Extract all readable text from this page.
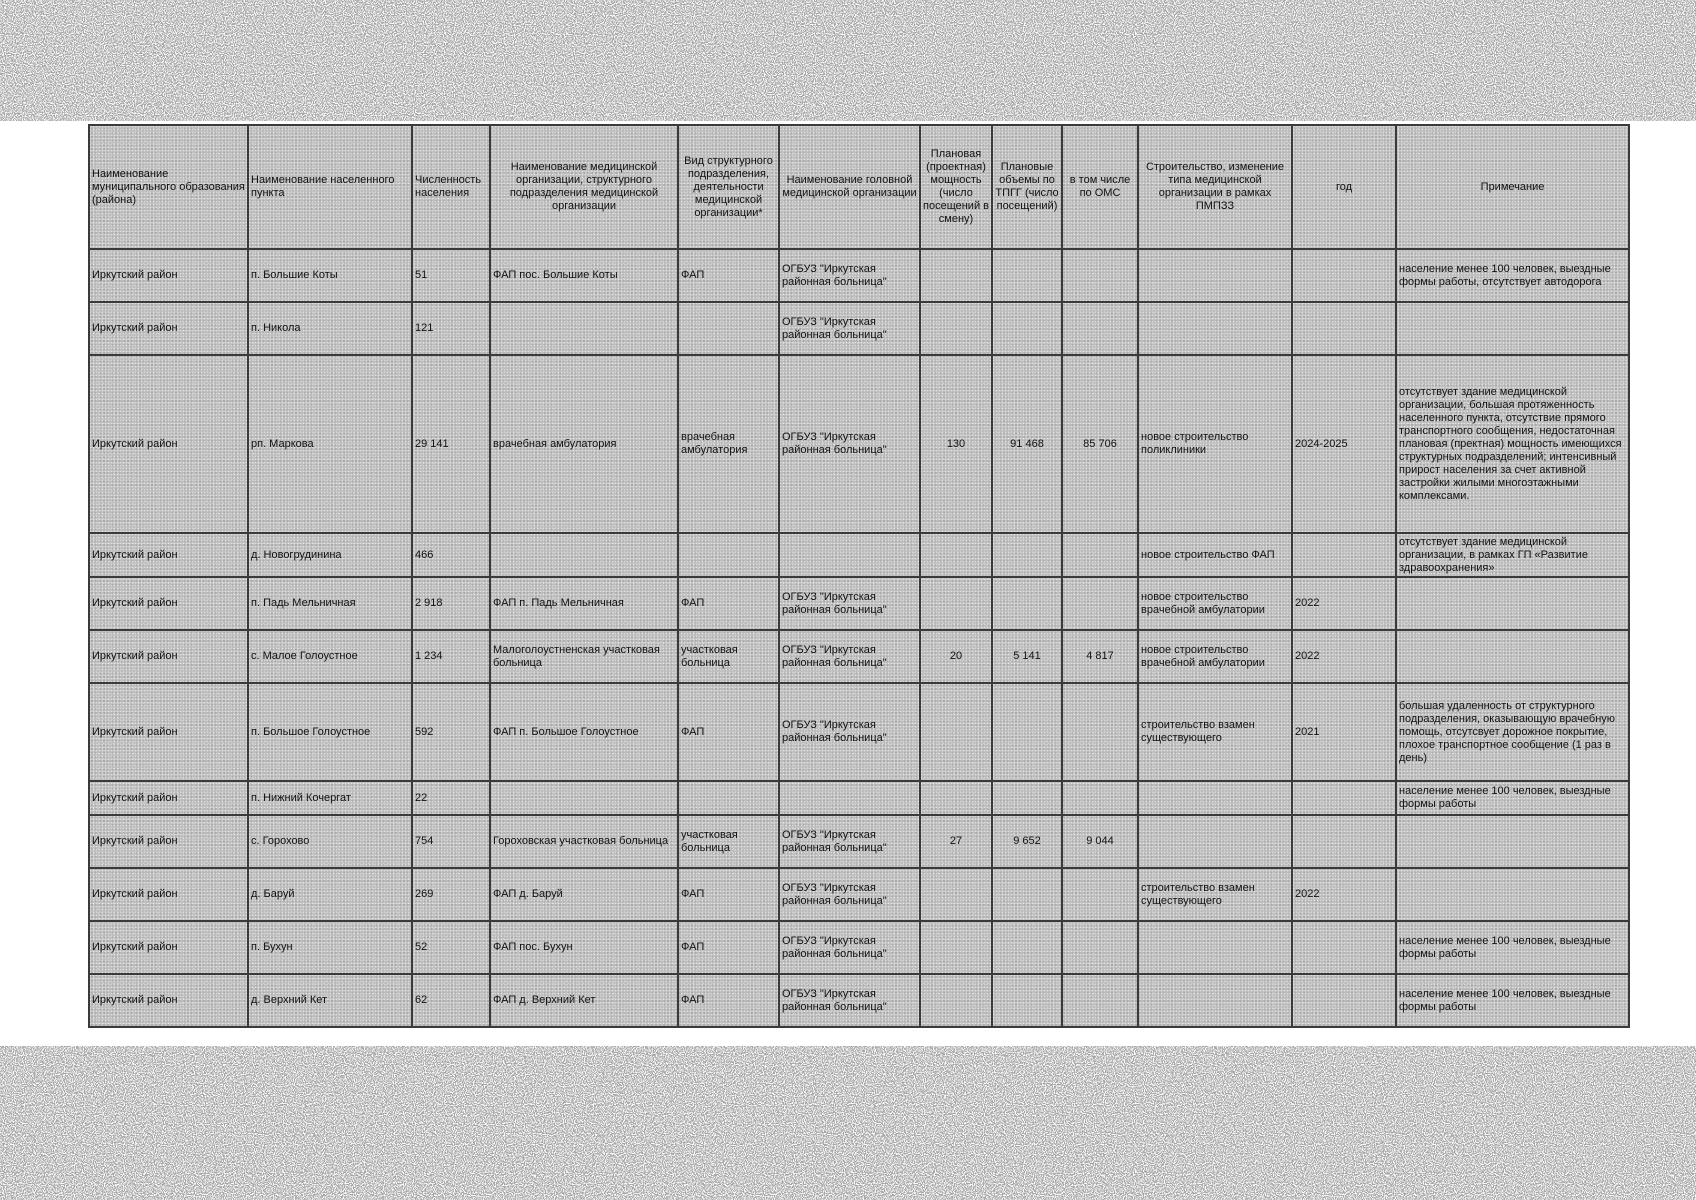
Наименование муниципального образования (района)	Наименование населенного пункта	Численность населения	Наименование медицинской организации, структурного подразделения медицинской организации	Вид структурного подразделения, деятельности медицинской организации*	Наименование головной медицинской организации	Плановая (проектная) мощность (число посещений в смену)	Плановые объемы по ТПГГ (число посещений)	в том числе по ОМС	Строительство, изменение типа медицинской организации в рамках ПМПЗЗ	год	Примечание
Иркутский район	п. Большие Коты	51	ФАП пос. Большие Коты	ФАП	ОГБУЗ "Иркутская районная больница"						население менее 100 человек, выездные формы работы, отсутствует автодорога
Иркутский район	п. Никола	121			ОГБУЗ "Иркутская районная больница"						
Иркутский район	рп. Маркова	29 141	врачебная амбулатория	врачебная амбулатория	ОГБУЗ "Иркутская районная больница"	130	91 468	85 706	новое строительство поликлиники	2024-2025	отсутствует здание медицинской организации, большая протяженность населенного пункта, отсутствие прямого транспортного сообщения, недостаточная плановая (пректная) мощность имеющихся структурных подразделений; интенсивный прирост населения за счет активной застройки жилыми многоэтажными комплексами.
Иркутский район	д. Новогрудинина	466							новое строительство ФАП		отсутствует здание медицинской организации, в рамках ГП «Развитие здравоохранения»
Иркутский район	п. Падь Мельничная	2 918	ФАП п. Падь Мельничная	ФАП	ОГБУЗ "Иркутская районная больница"				новое строительство врачебной амбулатории	2022	
Иркутский район	с. Малое Голоустное	1 234	Малоголоустненская участковая больница	участковая больница	ОГБУЗ "Иркутская районная больница"	20	5 141	4 817	новое строительство врачебной амбулатории	2022	
Иркутский район	п. Большое Голоустное	592	ФАП п. Большое Голоустное	ФАП	ОГБУЗ "Иркутская районная больница"				строительство взамен существующего	2021	большая удаленность от структурного подразделения, оказывающую врачебную помощь, отсутсвует дорожное покрытие, плохое транспортное сообщение (1 раз в день)
Иркутский район	п. Нижний Кочергат	22									население менее 100 человек, выездные формы работы
Иркутский район	с. Горохово	754	Гороховская участковая больница	участковая больница	ОГБУЗ "Иркутская районная больница"	27	9 652	9 044			
Иркутский район	д. Баруй	269	ФАП д. Баруй	ФАП	ОГБУЗ "Иркутская районная больница"				строительство взамен существующего	2022	
Иркутский район	п. Бухун	52	ФАП пос. Бухун	ФАП	ОГБУЗ "Иркутская районная больница"						население менее 100 человек, выездные формы работы
Иркутский район	д. Верхний Кет	62	ФАП д. Верхний Кет	ФАП	ОГБУЗ "Иркутская районная больница"						население менее 100 человек, выездные формы работы
